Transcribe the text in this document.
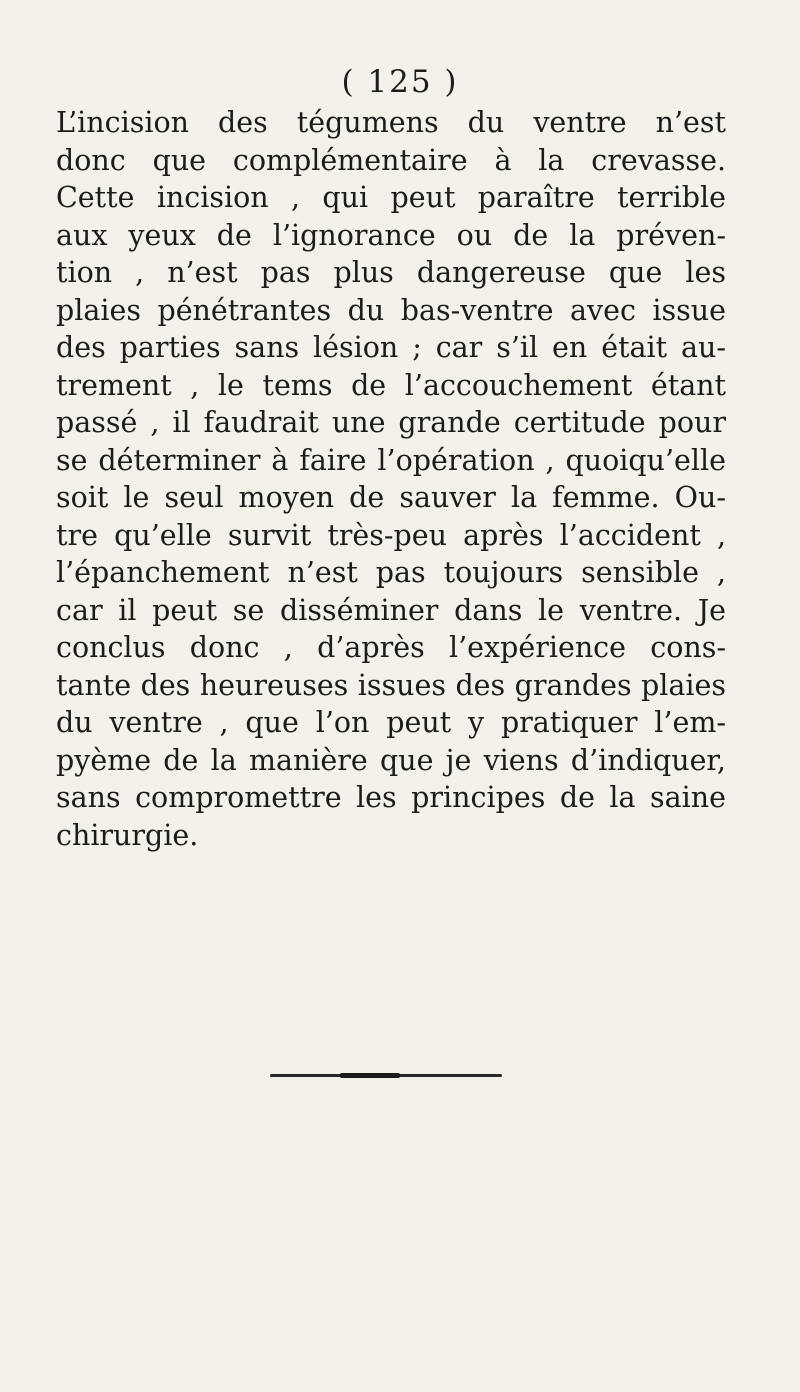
( 125 )
L’incision des tégumens du ventre n’est
donc que complémentaire à la crevasse.
Cette incision , qui peut paraître terrible
aux yeux de l’ignorance ou de la préven-
tion , n’est pas plus dangereuse que les
plaies pénétrantes du bas-ventre avec issue
des parties sans lésion ; car s’il en était au-
trement , le tems de l’accouchement étant
passé , il faudrait une grande certitude pour
se déterminer à faire l’opération , quoiqu’elle
soit le seul moyen de sauver la femme. Ou-
tre qu’elle survit très-peu après l’accident ,
l’épanchement n’est pas toujours sensible ,
car il peut se disséminer dans le ventre. Je
conclus donc , d’après l’expérience cons-
tante des heureuses issues des grandes plaies
du ventre , que l’on peut y pratiquer l’em-
pyème de la manière que je viens d’indiquer,
sans compromettre les principes de la saine
chirurgie.
